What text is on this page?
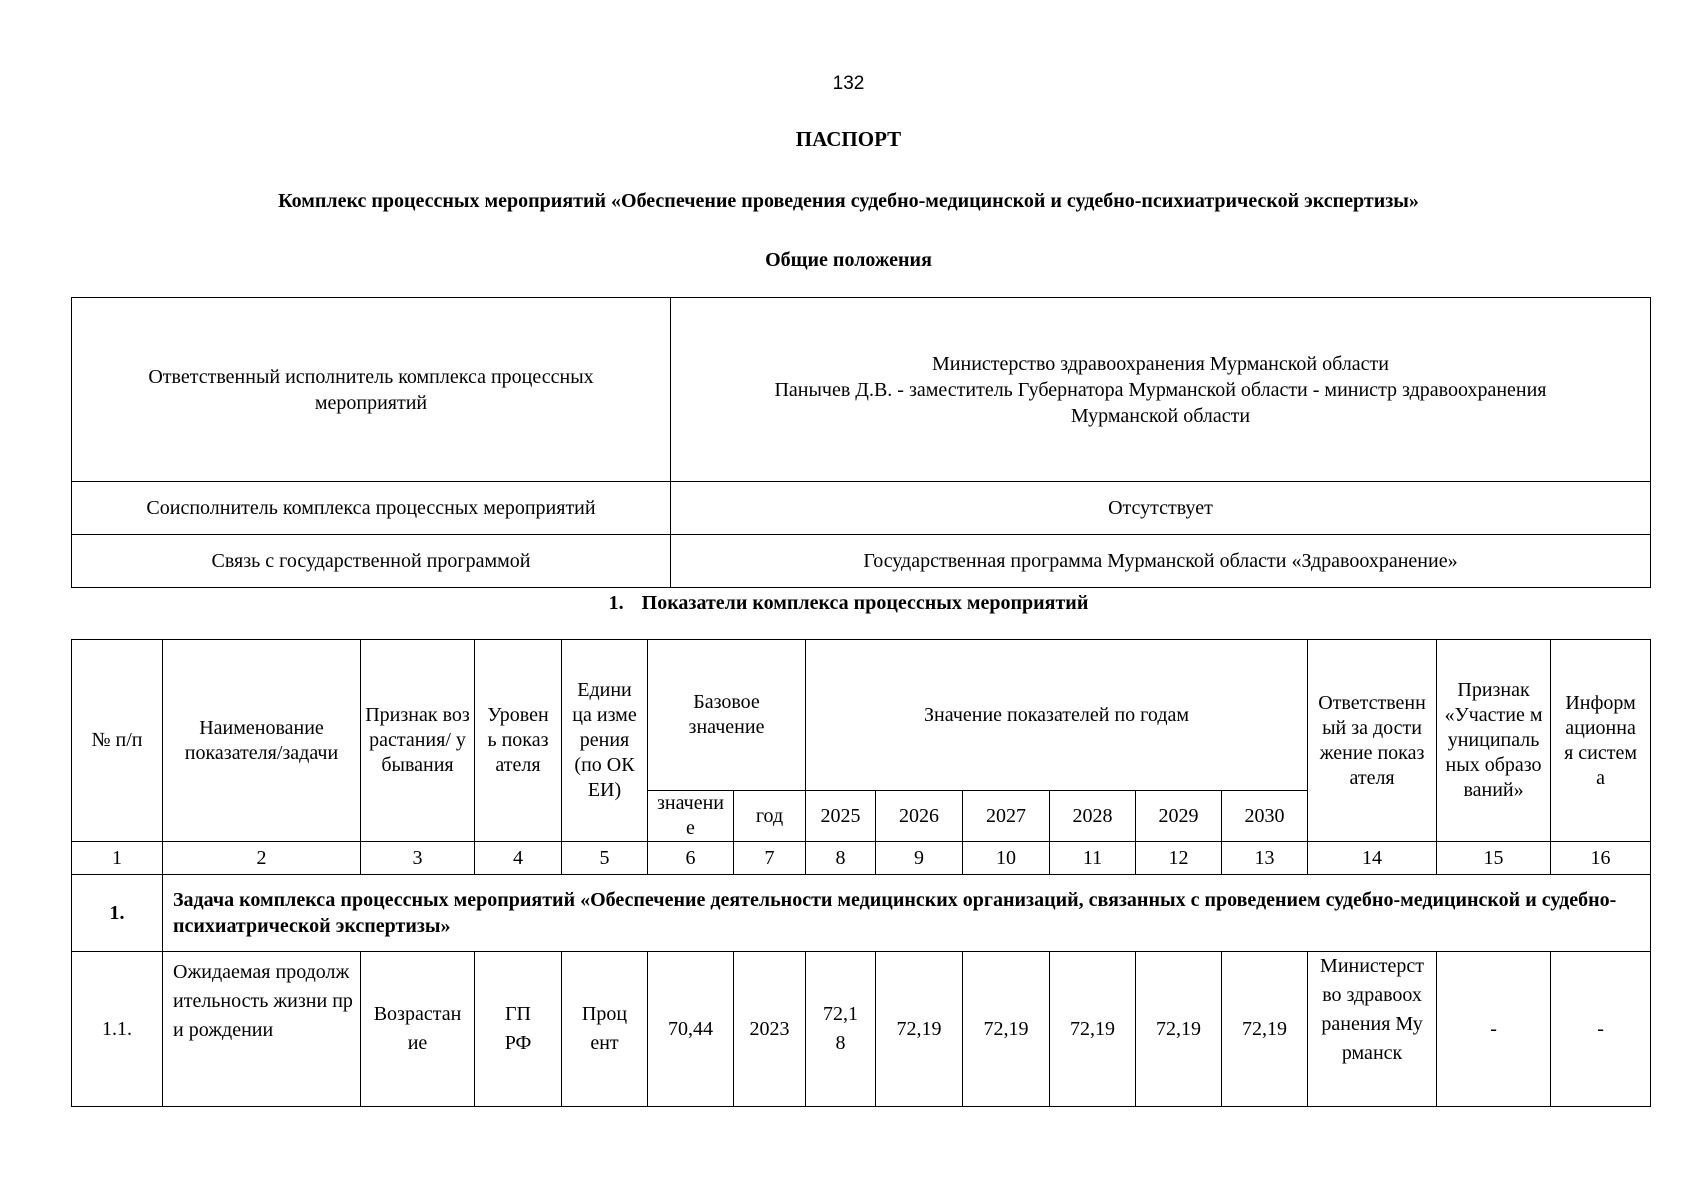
132
ПАСПОРТ
Комплекс процессных мероприятий «Обеспечение проведения судебно-медицинской и судебно-психиатрической экспертизы»
Общие положения
Ответственный исполнитель комплекса процессных мероприятий	Министерство здравоохранения Мурманской области
Панычев Д.В. - заместитель Губернатора Мурманской области - министр здравоохранения Мурманской области

Соисполнитель комплекса процессных мероприятий	Отсутствует
Связь с государственной программой	Государственная программа Мурманской области «Здравоохранение»
1. Показатели комплекса процессных мероприятий
№ п/п	Наименование показателя/задачи	Признак возрастания/ убывания	Уровень показателя	Единица измерения (по ОКЕИ)	Базовое значение		Значение показателей по годам						Ответственный за достижение показателя	Признак «Участие муниципальных образований»	Информационная система
					значение	год	2025	2026	2027	2028	2029	2030			
1	2	3	4	5	6	7	8	9	10	11	12	13	14	15	16
1.	Задача комплекса процессных мероприятий «Обеспечение деятельности медицинских организаций, связанных с проведением судебно-медицинской и судебно-психиатрической экспертизы»														
1.1.	Ожидаемая продолжительность жизни при рождении	Возрастание	ГП РФ	Процент	70,44	2023	72,18	72,19	72,19	72,19	72,19	72,19	Министерство здравоохранения Мурманск	-	-
